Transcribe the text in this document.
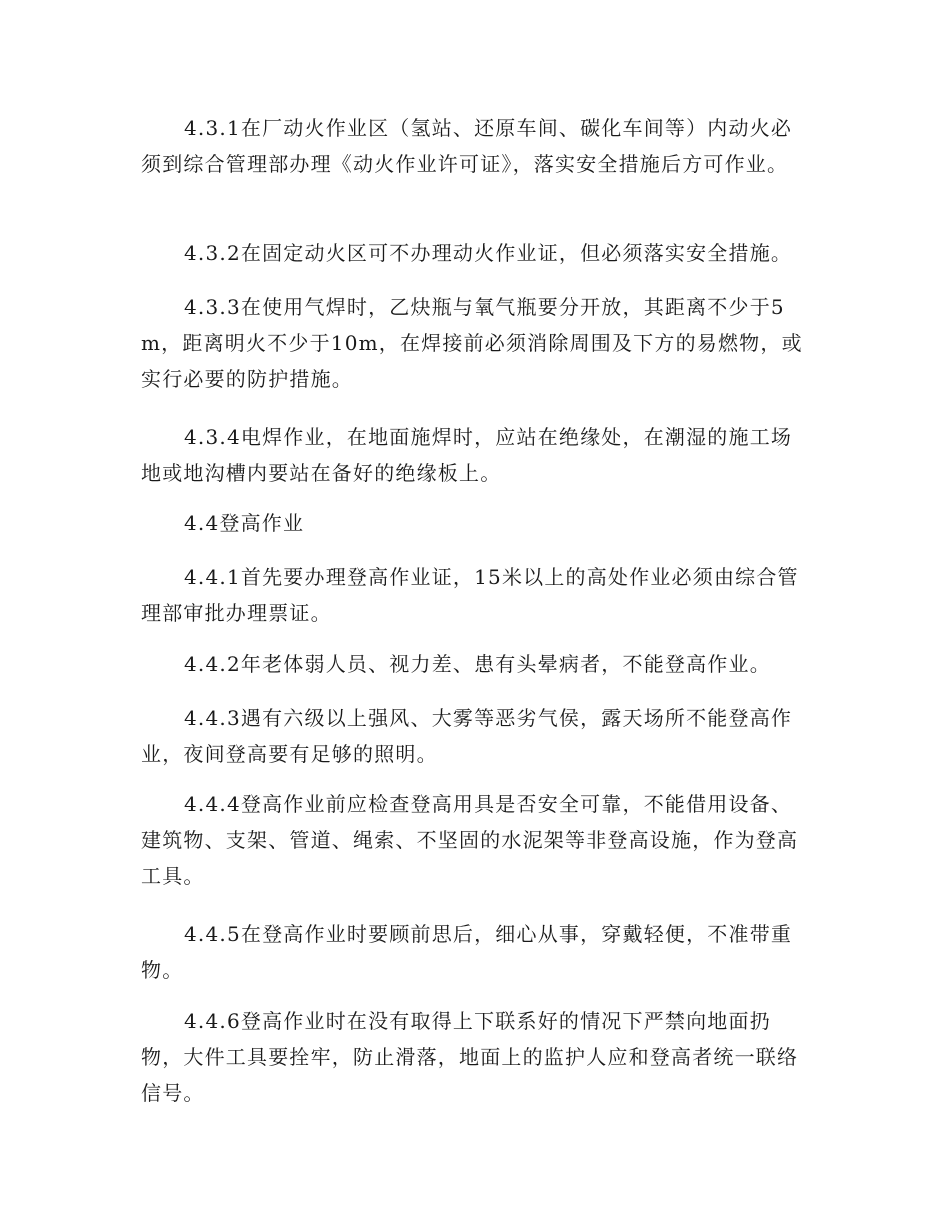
4.3.1在厂动火作业区（氢站、还原车间、碳化车间等）内动火必须到综合管理部办理《动火作业许可证》，落实安全措施后方可作业。

4.3.2在固定动火区可不办理动火作业证，但必须落实安全措施。

4.3.3在使用气焊时，乙炔瓶与氧气瓶要分开放，其距离不少于5m，距离明火不少于10m，在焊接前必须消除周围及下方的易燃物，或实行必要的防护措施。

4.3.4电焊作业，在地面施焊时，应站在绝缘处，在潮湿的施工场地或地沟槽内要站在备好的绝缘板上。

4.4登高作业

4.4.1首先要办理登高作业证，15米以上的高处作业必须由综合管理部审批办理票证。

4.4.2年老体弱人员、视力差、患有头晕病者，不能登高作业。

4.4.3遇有六级以上强风、大雾等恶劣气侯，露天场所不能登高作业，夜间登高要有足够的照明。

4.4.4登高作业前应检查登高用具是否安全可靠，不能借用设备、建筑物、支架、管道、绳索、不坚固的水泥架等非登高设施，作为登高工具。

4.4.5在登高作业时要顾前思后，细心从事，穿戴轻便，不准带重物。

4.4.6登高作业时在没有取得上下联系好的情况下严禁向地面扔物，大件工具要拴牢，防止滑落，地面上的监护人应和登高者统一联络信号。
